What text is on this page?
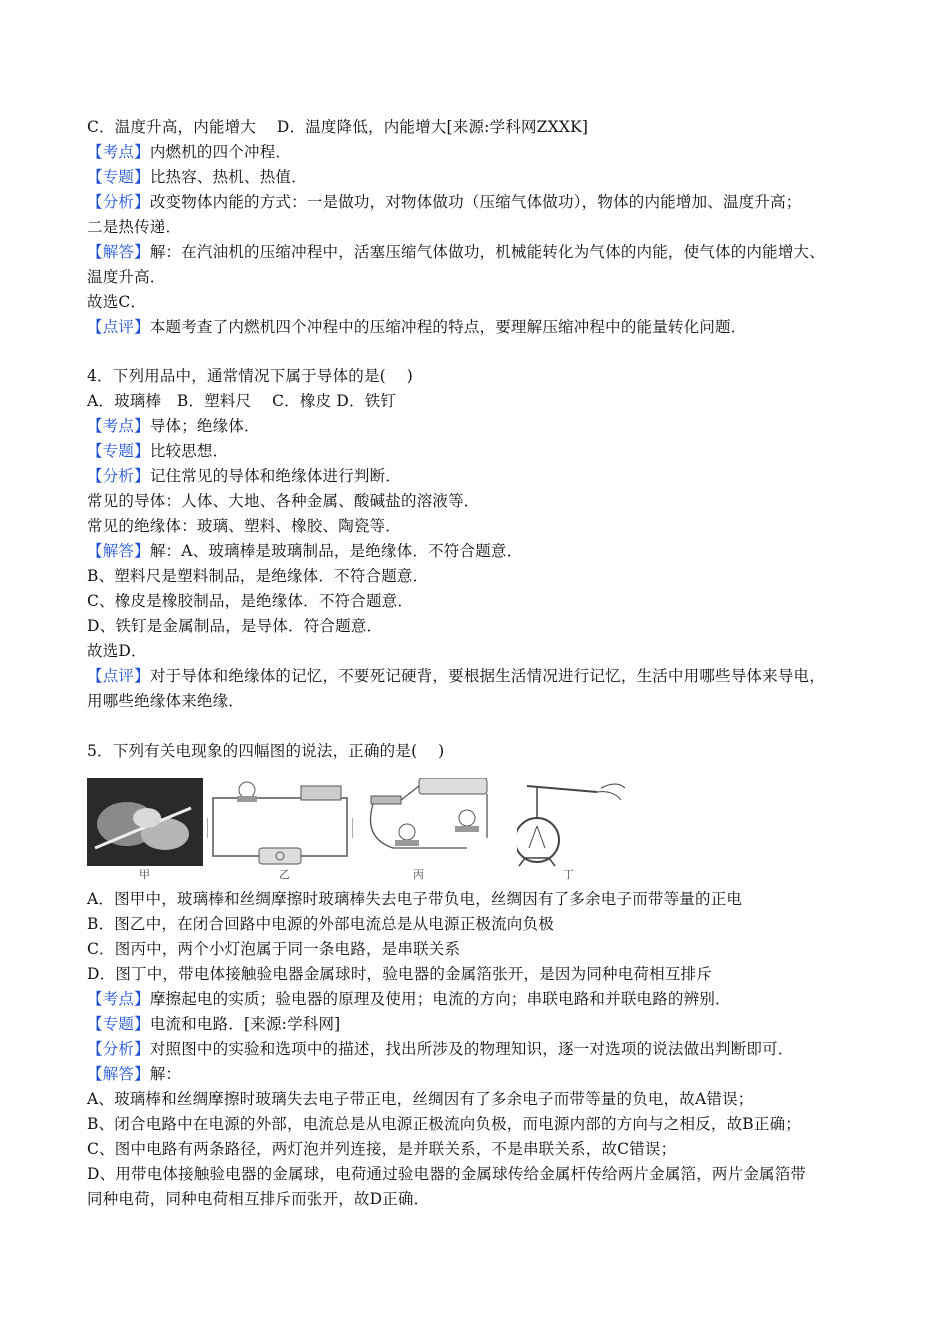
C．温度升高，内能增大　 D．温度降低，内能增大[来源:学科网ZXXK]
【考点】内燃机的四个冲程．
【专题】比热容、热机、热值．
【分析】改变物体内能的方式：一是做功，对物体做功（压缩气体做功），物体的内能增加、温度升高；
二是热传递．
【解答】解：在汽油机的压缩冲程中，活塞压缩气体做功，机械能转化为气体的内能，使气体的内能增大、
温度升高．
故选C．
【点评】本题考查了内燃机四个冲程中的压缩冲程的特点，要理解压缩冲程中的能量转化问题．
4．下列用品中，通常情况下属于导体的是(　 )
A．玻璃棒　B．塑料尺　 C．橡皮 D．铁钉
【考点】导体；绝缘体．
【专题】比较思想．
【分析】记住常见的导体和绝缘体进行判断．
常见的导体：人体、大地、各种金属、酸碱盐的溶液等．
常见的绝缘体：玻璃、塑料、橡胶、陶瓷等．
【解答】解：A、玻璃棒是玻璃制品，是绝缘体．不符合题意．
B、塑料尺是塑料制品，是绝缘体．不符合题意．
C、橡皮是橡胶制品，是绝缘体．不符合题意．
D、铁钉是金属制品，是导体．符合题意．
故选D．
【点评】对于导体和绝缘体的记忆，不要死记硬背，要根据生活情况进行记忆，生活中用哪些导体来导电，
用哪些绝缘体来绝缘．
5．下列有关电现象的四幅图的说法，正确的是(　 )
甲	乙	丙	丁
A．图甲中，玻璃棒和丝绸摩擦时玻璃棒失去电子带负电，丝绸因有了多余电子而带等量的正电
B．图乙中，在闭合回路中电源的外部电流总是从电源正极流向负极
C．图丙中，两个小灯泡属于同一条电路，是串联关系
D．图丁中，带电体接触验电器金属球时，验电器的金属箔张开，是因为同种电荷相互排斥
【考点】摩擦起电的实质；验电器的原理及使用；电流的方向；串联电路和并联电路的辨别．
【专题】电流和电路．[来源:学科网]
【分析】对照图中的实验和选项中的描述，找出所涉及的物理知识，逐一对选项的说法做出判断即可．
【解答】解：
A、玻璃棒和丝绸摩擦时玻璃失去电子带正电，丝绸因有了多余电子而带等量的负电，故A错误；
B、闭合电路中在电源的外部，电流总是从电源正极流向负极，而电源内部的方向与之相反，故B正确；
C、图中电路有两条路径，两灯泡并列连接，是并联关系，不是串联关系，故C错误；
D、用带电体接触验电器的金属球，电荷通过验电器的金属球传给金属杆传给两片金属箔，两片金属箔带
同种电荷，同种电荷相互排斥而张开，故D正确．
